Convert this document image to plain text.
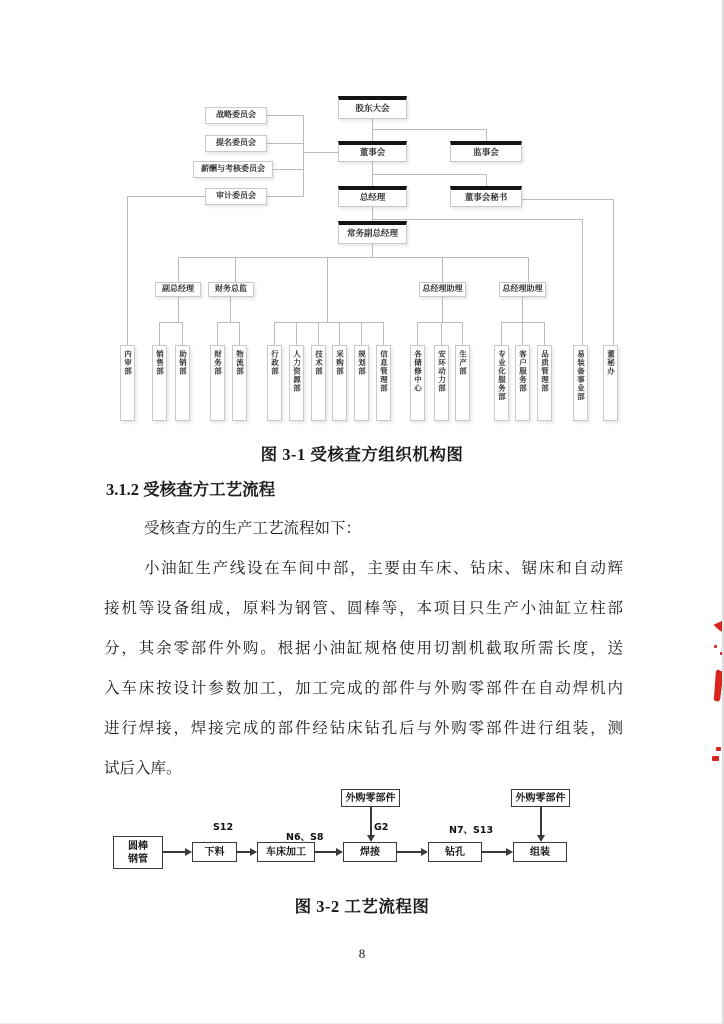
股东大会
董事会	监事会
总经理	董事会秘书
常务副总经理
战略委员会
提名委员会
薪酬与考核委员会
审计委员会
副总经理	财务总监	总经理助理	总经理助理
内审部	销售部	助销部	财务部	物流部	行政部	人力资源部	技术部	采购部	规划部	信息管理部	各储修中心	安环动力部	生产部	专业化服务部	客户服务部	品质管理部	易装备事业部	董秘办
图 3-1 受核查方组织机构图
3.1.2 受核查方工艺流程
受核查方的生产工艺流程如下：
小油缸生产线设在车间中部，主要由车床、钻床、锯床和自动辉
接机等设备组成，原料为钢管、圆棒等，本项目只生产小油缸立柱部
分，其余零部件外购。根据小油缸规格使用切割机截取所需长度，送
入车床按设计参数加工，加工完成的部件与外购零部件在自动焊机内
进行焊接，焊接完成的部件经钻床钻孔后与外购零部件进行组装，测
试后入库。
圆棒
钢管
下料	车床加工	焊接	钻孔	组装
外购零部件	外购零部件
S12
N6、S8
G2	N7、S13
图 3-2 工艺流程图
8
